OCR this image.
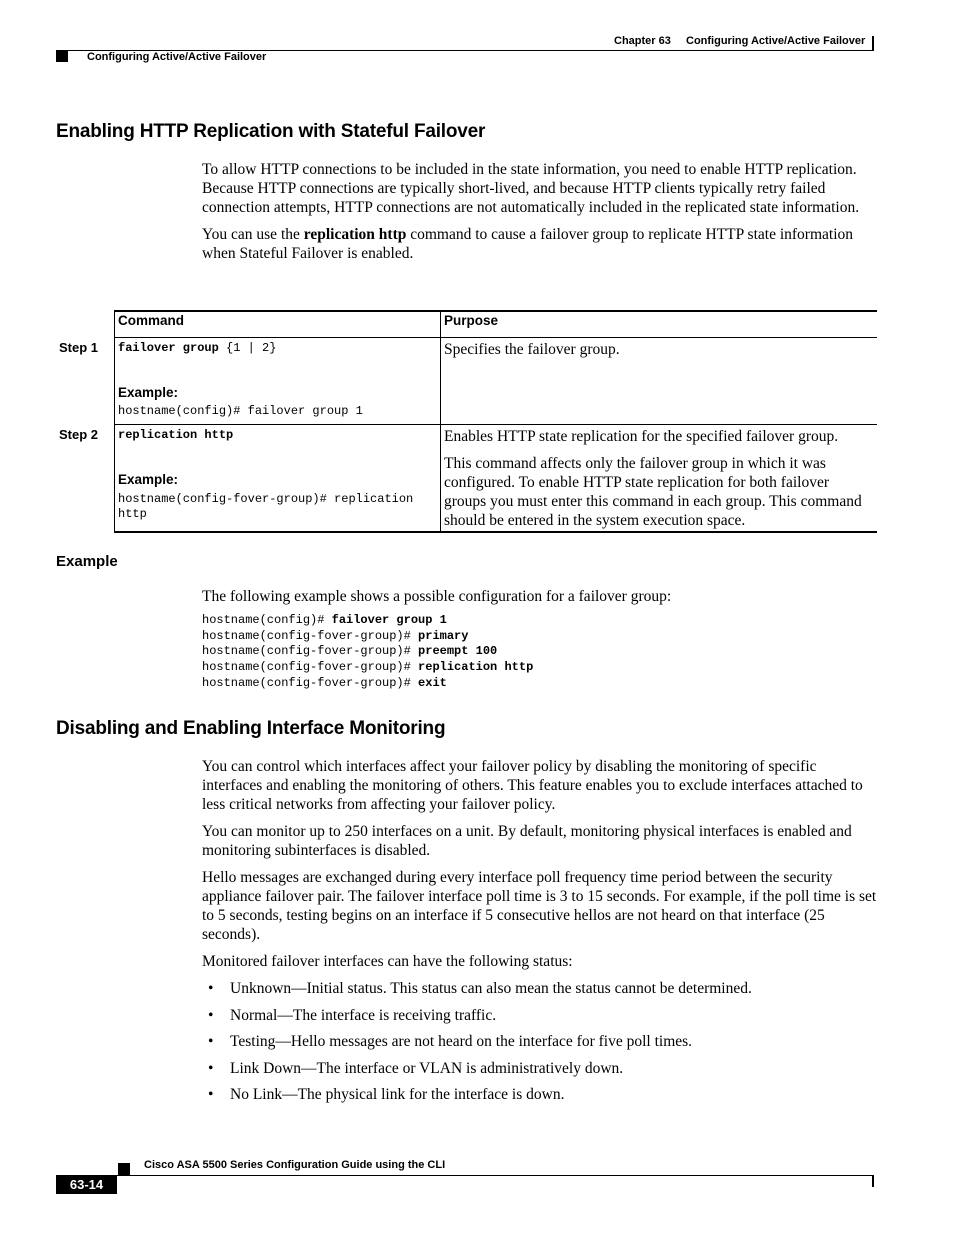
Chapter 63 Configuring Active/Active Failover
Configuring Active/Active Failover
Enabling HTTP Replication with Stateful Failover

To allow HTTP connections to be included in the state information, you need to enable HTTP replication. Because HTTP connections are typically short-lived, and because HTTP clients typically retry failed connection attempts, HTTP connections are not automatically included in the replicated state information.

You can use the replication http command to cause a failover group to replicate HTTP state information when Stateful Failover is enabled.

Command	Purpose
Step 1 failover group {1 | 2}
Example:
hostname(config)# failover group 1
Specifies the failover group.
Step 2 replication http
Example:
hostname(config-fover-group)# replication http

Enables HTTP state replication for the specified failover group.

This command affects only the failover group in which it was configured. To enable HTTP state replication for both failover groups you must enter this command in each group. This command should be entered in the system execution space.

Example
The following example shows a possible configuration for a failover group:
hostname(config)# failover group 1
hostname(config-fover-group)# primary
hostname(config-fover-group)# preempt 100
hostname(config-fover-group)# replication http
hostname(config-fover-group)# exit
Disabling and Enabling Interface Monitoring

You can control which interfaces affect your failover policy by disabling the monitoring of specific interfaces and enabling the monitoring of others. This feature enables you to exclude interfaces attached to less critical networks from affecting your failover policy.

You can monitor up to 250 interfaces on a unit. By default, monitoring physical interfaces is enabled and monitoring subinterfaces is disabled.

Hello messages are exchanged during every interface poll frequency time period between the security appliance failover pair. The failover interface poll time is 3 to 15 seconds. For example, if the poll time is set to 5 seconds, testing begins on an interface if 5 consecutive hellos are not heard on that interface (25 seconds).

Monitored failover interfaces can have the following status:

• Unknown—Initial status. This status can also mean the status cannot be determined.
• Normal—The interface is receiving traffic.
• Testing—Hello messages are not heard on the interface for five poll times.
• Link Down—The interface or VLAN is administratively down.
• No Link—The physical link for the interface is down.
Cisco ASA 5500 Series Configuration Guide using the CLI
63-14
